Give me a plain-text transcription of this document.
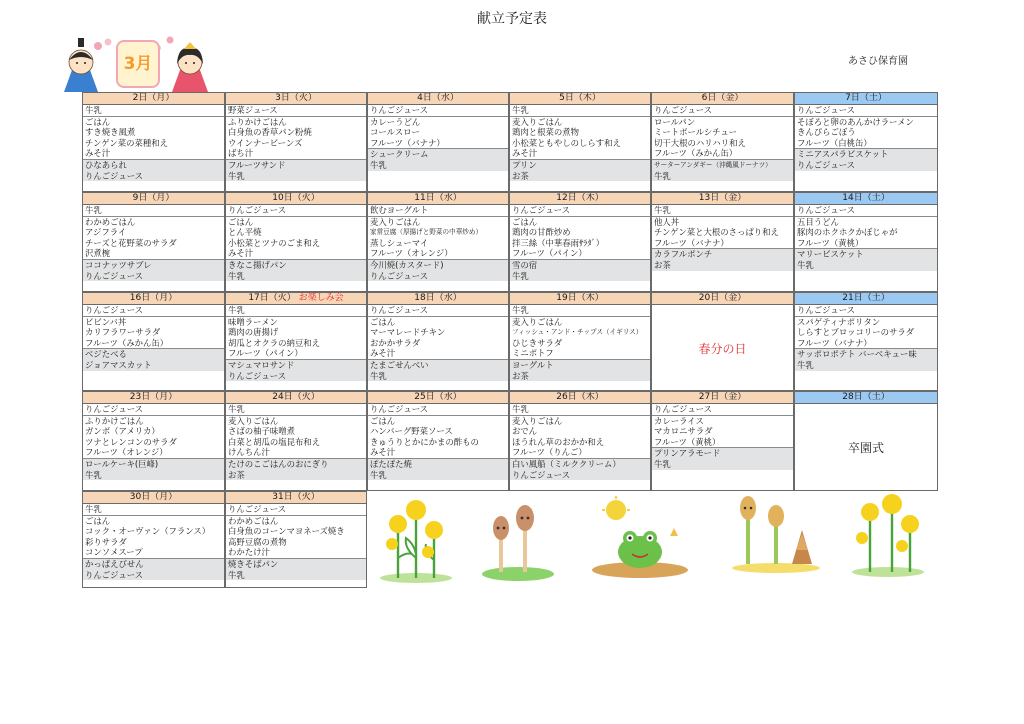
献立予定表
あさひ保育園
3月
2日（月）
牛乳
ごはん
すき焼き風煮
チンゲン菜の菜種和え
みそ汁
ひなあられ
りんごジュース
3日（火）
野菜ジュース
ふりかけごはん
白身魚の香草パン粉焼
ウインナービーンズ
ばち汁
フルーツサンド
牛乳
4日（水）
りんごジュース
カレーうどん
コールスロー
フルーツ（バナナ）
シュークリーム
牛乳
5日（木）
牛乳
麦入りごはん
鶏肉と根菜の煮物
小松菜ともやしのしらす和え
みそ汁
プリン
お茶
6日（金）
りんごジュース
ロールパン
ミートボールシチュー
切干大根のハリハリ和え
フルーツ（みかん缶）
サーターアンダギー（沖縄風ドーナツ）
牛乳
7日（土）
りんごジュース
そぼろと卵のあんかけラーメン
きんぴらごぼう
フルーツ（白桃缶）
ミニアスパラビスケット
りんごジュース
9日（月）
牛乳
わかめごはん
アジフライ
チーズと花野菜のサラダ
沢煮椀
ココナッツサブレ
りんごジュース
10日（火）
りんごジュース
ごはん
とん平焼
小松菜とツナのごま和え
みそ汁
きなこ揚げパン
牛乳
11日（水）
飲むヨーグルト
麦入りごはん
家常豆腐（厚揚げと野菜の中華炒め）
蒸しシューマイ
フルーツ（オレンジ）
今川焼(カスタード)
りんごジュース
12日（木）
りんごジュース
ごはん
鶏肉の甘酢炒め
拌三絲（中華春雨ｻﾗﾀﾞ）
フルーツ（パイン）
雪の宿
牛乳
13日（金）
牛乳
他人丼
チンゲン菜と大根のさっぱり和え
フルーツ（バナナ）
カラフルポンチ
お茶
14日（土）
りんごジュース
五目うどん
豚肉のホクホクかぼじゃが
フルーツ（黄桃）
マリービスケット
牛乳
16日（月）
りんごジュース
ビビンバ丼
カリフラワーサラダ
フルーツ（みかん缶）
ベジたべる
ジョアマスカット
17日（火） お楽しみ会
牛乳
味噌ラーメン
鶏肉の唐揚げ
胡瓜とオクラの納豆和え
フルーツ（パイン）
マシュマロサンド
りんごジュース
18日（水）
りんごジュース
ごはん
マーマレードチキン
おかかサラダ
みそ汁
たまごせんべい
牛乳
19日（木）
牛乳
麦入りごはん
フィッシュ・アンド・チップス（イギリス）
ひじきサラダ
ミニポトフ
ヨーグルト
お茶
21日（土）
りんごジュース
スパゲティナポリタン
しらすとブロッコリーのサラダ
フルーツ（バナナ）
サッポロポテト バーベキュー味
牛乳
23日（月）
りんごジュース
ふりかけごはん
ガンボ（アメリカ）
ツナとレンコンのサラダ
フルーツ（オレンジ）
ロールケーキ(巨峰)
牛乳
24日（火）
牛乳
麦入りごはん
さばの柚子味噌煮
白菜と胡瓜の塩昆布和え
けんちん汁
たけのこごはんのおにぎり
お茶
25日（水）
りんごジュース
ごはん
ハンバーグ野菜ソース
きゅうりとかにかまの酢もの
みそ汁
ぽたぽた焼
牛乳
26日（木）
牛乳
麦入りごはん
おでん
ほうれん草のおかか和え
フルーツ（りんご）
白い風船（ミルククリーム）
りんごジュース
27日（金）
りんごジュース
カレーライス
マカロニサラダ
フルーツ（黄桃）
プリンアラモード
牛乳
30日（月）
牛乳
ごはん
コック・オーヴァン（フランス）
彩りサラダ
コンソメスープ
かっぱえびせん
りんごジュース
31日（火）
りんごジュース
わかめごはん
白身魚のコーンマヨネーズ焼き
高野豆腐の煮物
わかたけ汁
焼きそばパン
牛乳
20日（金）
春分の日
28日（土）
卒園式
